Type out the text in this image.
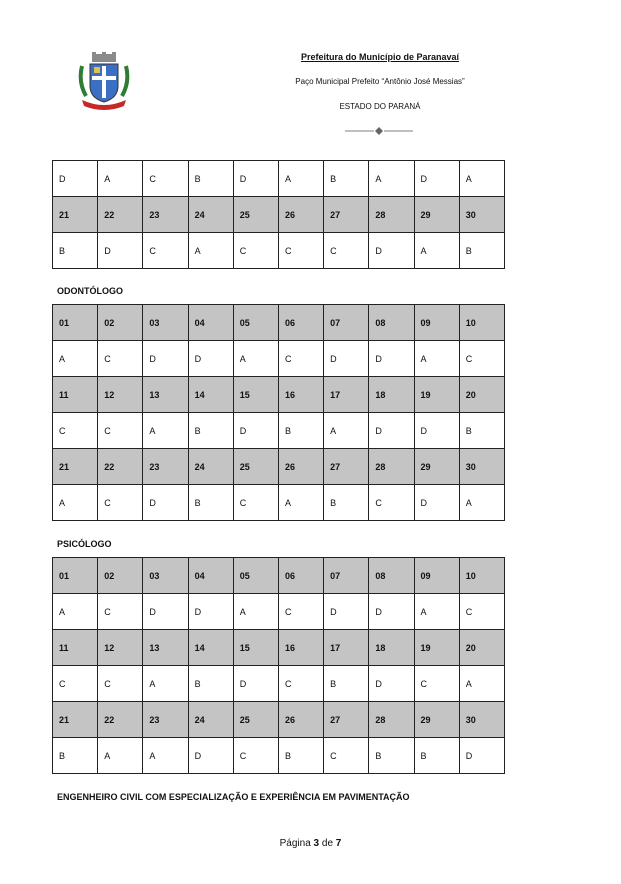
Prefeitura do Município de Paranavaí
Paço Municipal Prefeito “Antônio José Messias”
ESTADO DO PARANÁ
D	A	C	B	D	A	B	A	D	A
21	22	23	24	25	26	27	28	29	30
B	D	C	A	C	C	C	D	A	B
ODONTÓLOGO
01	02	03	04	05	06	07	08	09	10
A	C	D	D	A	C	D	D	A	C
11	12	13	14	15	16	17	18	19	20
C	C	A	B	D	B	A	D	D	B
21	22	23	24	25	26	27	28	29	30
A	C	D	B	C	A	B	C	D	A
PSICÓLOGO
01	02	03	04	05	06	07	08	09	10
A	C	D	D	A	C	D	D	A	C
11	12	13	14	15	16	17	18	19	20
C	C	A	B	D	C	B	D	C	A
21	22	23	24	25	26	27	28	29	30
B	A	A	D	C	B	C	B	B	D
ENGENHEIRO CIVIL COM ESPECIALIZAÇÃO E EXPERIÊNCIA EM PAVIMENTAÇÃO
Página 3 de 7
